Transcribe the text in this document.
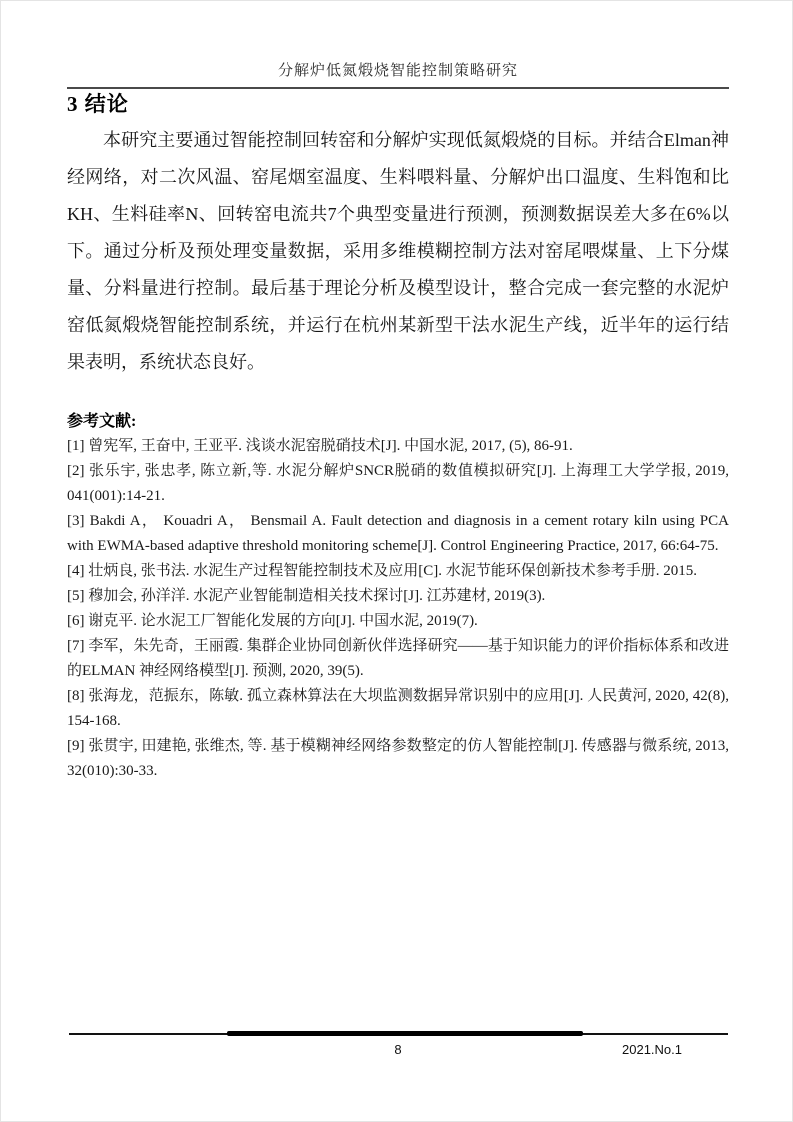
分解炉低氮煅烧智能控制策略研究
3 结论
本研究主要通过智能控制回转窑和分解炉实现低氮煅烧的目标。并结合Elman神经网络，对二次风温、窑尾烟室温度、生料喂料量、分解炉出口温度、生料饱和比KH、生料硅率N、回转窑电流共7个典型变量进行预测，预测数据误差大多在6%以下。通过分析及预处理变量数据，采用多维模糊控制方法对窑尾喂煤量、上下分煤量、分料量进行控制。最后基于理论分析及模型设计，整合完成一套完整的水泥炉窑低氮煅烧智能控制系统，并运行在杭州某新型干法水泥生产线，近半年的运行结果表明，系统状态良好。
参考文献:

[1] 曾宪军, 王奋中, 王亚平. 浅谈水泥窑脱硝技术[J]. 中国水泥, 2017, (5), 86-91.

[2] 张乐宇, 张忠孝, 陈立新,等. 水泥分解炉SNCR脱硝的数值模拟研究[J]. 上海理工大学学报, 2019, 041(001):14-21.

[3] Bakdi A， Kouadri A， Bensmail A. Fault detection and diagnosis in a cement rotary kiln using PCA with EWMA-based adaptive threshold monitoring scheme[J]. Control Engineering Practice, 2017, 66:64-75.

[4] 壮炳良, 张书法. 水泥生产过程智能控制技术及应用[C]. 水泥节能环保创新技术参考手册. 2015.

[5] 穆加会, 孙洋洋. 水泥产业智能制造相关技术探讨[J]. 江苏建材, 2019(3).

[6] 谢克平. 论水泥工厂智能化发展的方向[J]. 中国水泥, 2019(7).

[7] 李军，朱先奇，王丽霞. 集群企业协同创新伙伴选择研究——基于知识能力的评价指标体系和改进的ELMAN 神经网络模型[J]. 预测, 2020, 39(5).

[8] 张海龙，范振东，陈敏. 孤立森林算法在大坝监测数据异常识别中的应用[J]. 人民黄河, 2020, 42(8), 154-168.

[9] 张贯宇, 田建艳, 张维杰, 等. 基于模糊神经网络参数整定的仿人智能控制[J]. 传感器与微系统, 2013, 32(010):30-33.

8	2021.No.1
